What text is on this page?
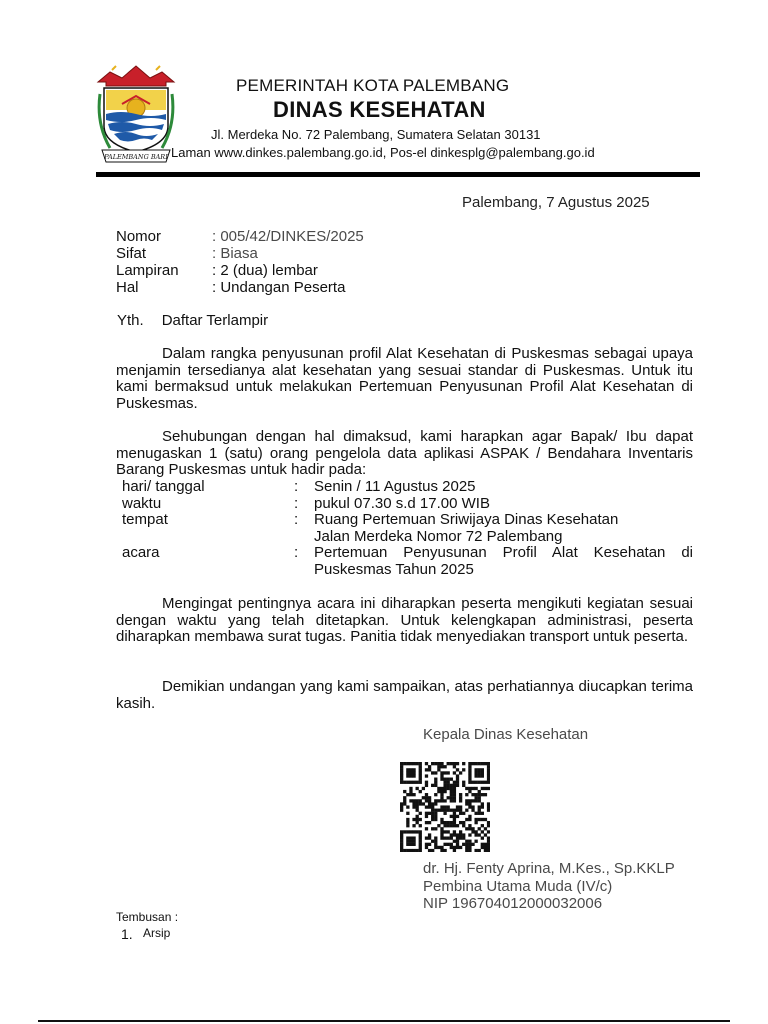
PALEMBANG BARI
PEMERINTAH KOTA PALEMBANG
DINAS KESEHATAN
Jl. Merdeka No. 72 Palembang, Sumatera Selatan 30131
Laman www.dinkes.palembang.go.id, Pos-el dinkesplg@palembang.go.id
Palembang, 7 Agustus 2025
Nomor	: 005/42/DINKES/2025
Sifat	: Biasa
Lampiran	: 2 (dua) lembar
Hal	: Undangan Peserta
Yth. Daftar Terlampir
Dalam rangka penyusunan profil Alat Kesehatan di Puskesmas sebagai upaya menjamin tersedianya alat kesehatan yang sesuai standar di Puskesmas. Untuk itu kami bermaksud untuk melakukan Pertemuan Penyusunan Profil Alat Kesehatan di Puskesmas.
Sehubungan dengan hal dimaksud, kami harapkan agar Bapak/ Ibu dapat menugaskan 1 (satu) orang pengelola data aplikasi ASPAK / Bendahara Inventaris Barang Puskesmas untuk hadir pada:
hari/ tanggal	:	Senin / 11 Agustus 2025
waktu	:	pukul 07.30 s.d 17.00 WIB
tempat	:	Ruang Pertemuan Sriwijaya Dinas Kesehatan
Jalan Merdeka Nomor 72 Palembang
acara	:	Pertemuan Penyusunan Profil Alat Kesehatan di Puskesmas Tahun 2025
Mengingat pentingnya acara ini diharapkan peserta mengikuti kegiatan sesuai dengan waktu yang telah ditetapkan. Untuk kelengkapan administrasi, peserta diharapkan membawa surat tugas. Panitia tidak menyediakan transport untuk peserta.
Demikian undangan yang kami sampaikan, atas perhatiannya diucapkan terima kasih.
Kepala Dinas Kesehatan
dr. Hj. Fenty Aprina, M.Kes., Sp.KKLP
Pembina Utama Muda (IV/c)
NIP 196704012000032006
Tembusan :
1. Arsip
